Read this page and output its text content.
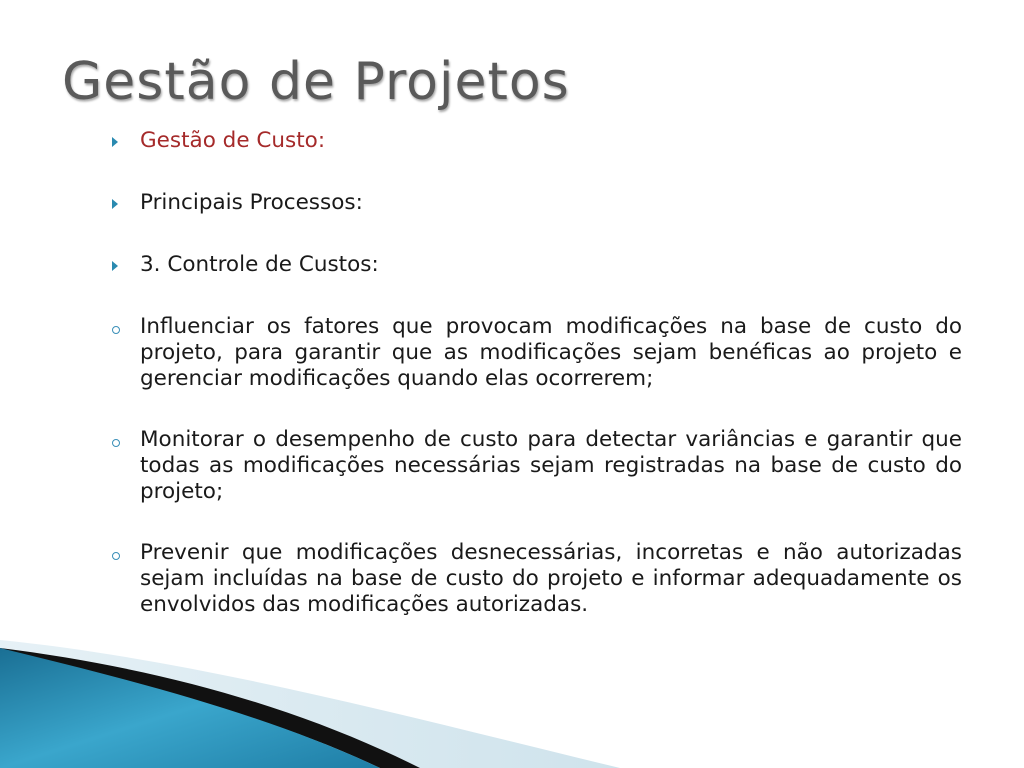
Gestão de Projetos
Gestão de Custo:
Principais Processos:
3. Controle de Custos:
Influenciar os fatores que provocam modificações na base de custo do projeto, para garantir que as modificações sejam benéficas ao projeto e gerenciar modificações quando elas ocorrerem;
Monitorar o desempenho de custo para detectar variâncias e garantir que todas as modificações necessárias sejam registradas na base de custo do projeto;
Prevenir que modificações desnecessárias, incorretas e não autorizadas sejam incluídas na base de custo do projeto e informar adequadamente os envolvidos das modificações autorizadas.
